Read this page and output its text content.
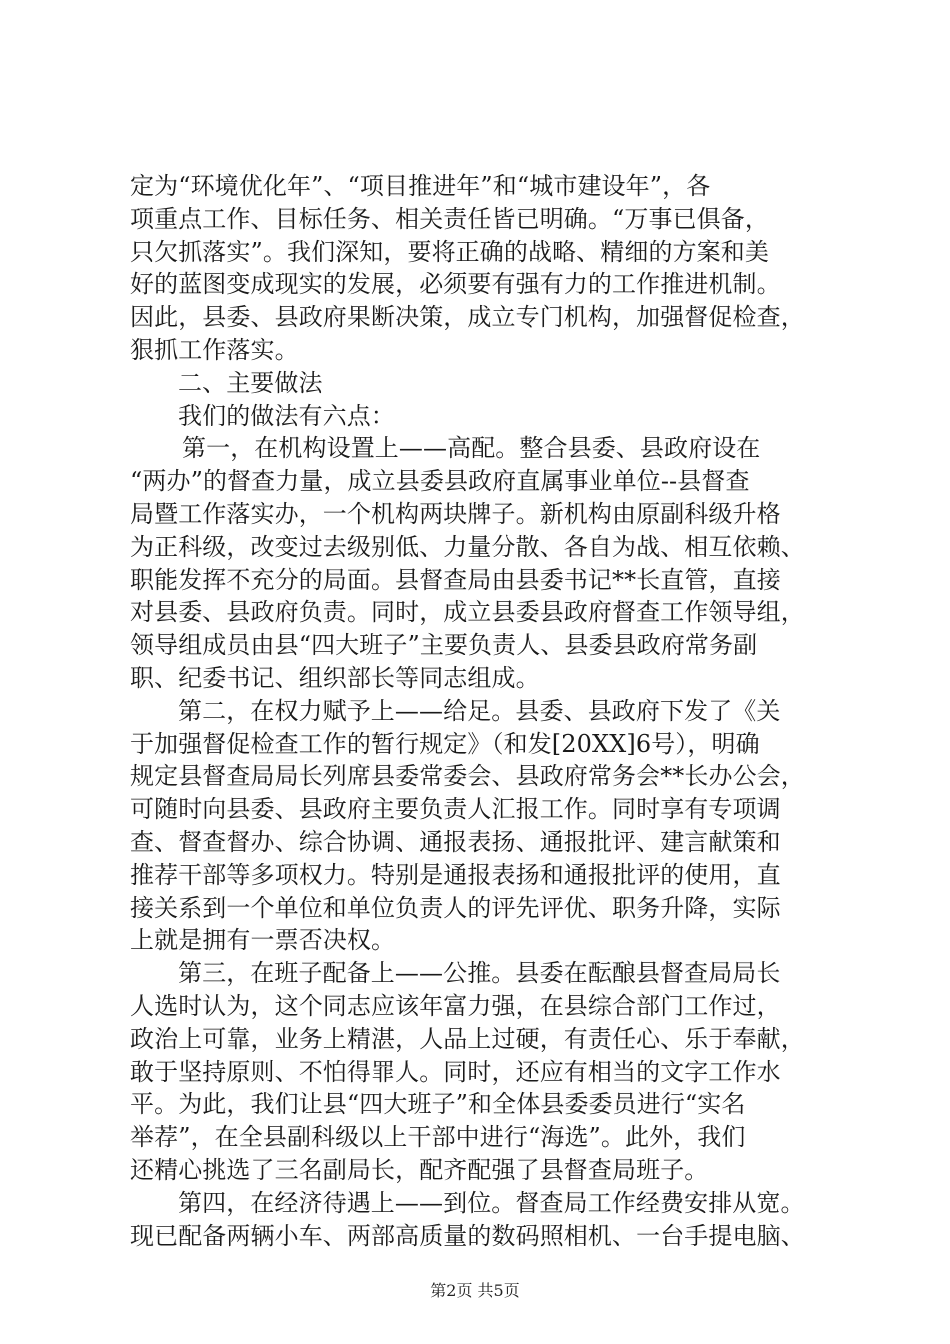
定为“环境优化年”、“项目推进年”和“城市建设年”，各
项重点工作、目标任务、相关责任皆已明确。“万事已俱备，
只欠抓落实”。我们深知，要将正确的战略、精细的方案和美
好的蓝图变成现实的发展，必须要有强有力的工作推进机制。
因此，县委、县政府果断决策，成立专门机构，加强督促检查，
狠抓工作落实。
二、主要做法
我们的做法有六点：
第一，在机构设置上——高配。整合县委、县政府设在
“两办”的督查力量，成立县委县政府直属事业单位--县督查
局暨工作落实办，一个机构两块牌子。新机构由原副科级升格
为正科级，改变过去级别低、力量分散、各自为战、相互依赖、
职能发挥不充分的局面。县督查局由县委书记**长直管，直接
对县委、县政府负责。同时，成立县委县政府督查工作领导组，
领导组成员由县“四大班子”主要负责人、县委县政府常务副
职、纪委书记、组织部长等同志组成。
第二，在权力赋予上——给足。县委、县政府下发了《关
于加强督促检查工作的暂行规定》（和发[20XX]6号），明确
规定县督查局局长列席县委常委会、县政府常务会**长办公会，
可随时向县委、县政府主要负责人汇报工作。同时享有专项调
查、督查督办、综合协调、通报表扬、通报批评、建言献策和
推荐干部等多项权力。特别是通报表扬和通报批评的使用，直
接关系到一个单位和单位负责人的评先评优、职务升降，实际
上就是拥有一票否决权。
第三，在班子配备上——公推。县委在酝酿县督查局局长
人选时认为，这个同志应该年富力强，在县综合部门工作过，
政治上可靠，业务上精湛，人品上过硬，有责任心、乐于奉献，
敢于坚持原则、不怕得罪人。同时，还应有相当的文字工作水
平。为此，我们让县“四大班子”和全体县委委员进行“实名
举荐”，在全县副科级以上干部中进行“海选”。此外，我们
还精心挑选了三名副局长，配齐配强了县督查局班子。
第四，在经济待遇上——到位。督查局工作经费安排从宽。
现已配备两辆小车、两部高质量的数码照相机、一台手提电脑、
第2页 共5页
